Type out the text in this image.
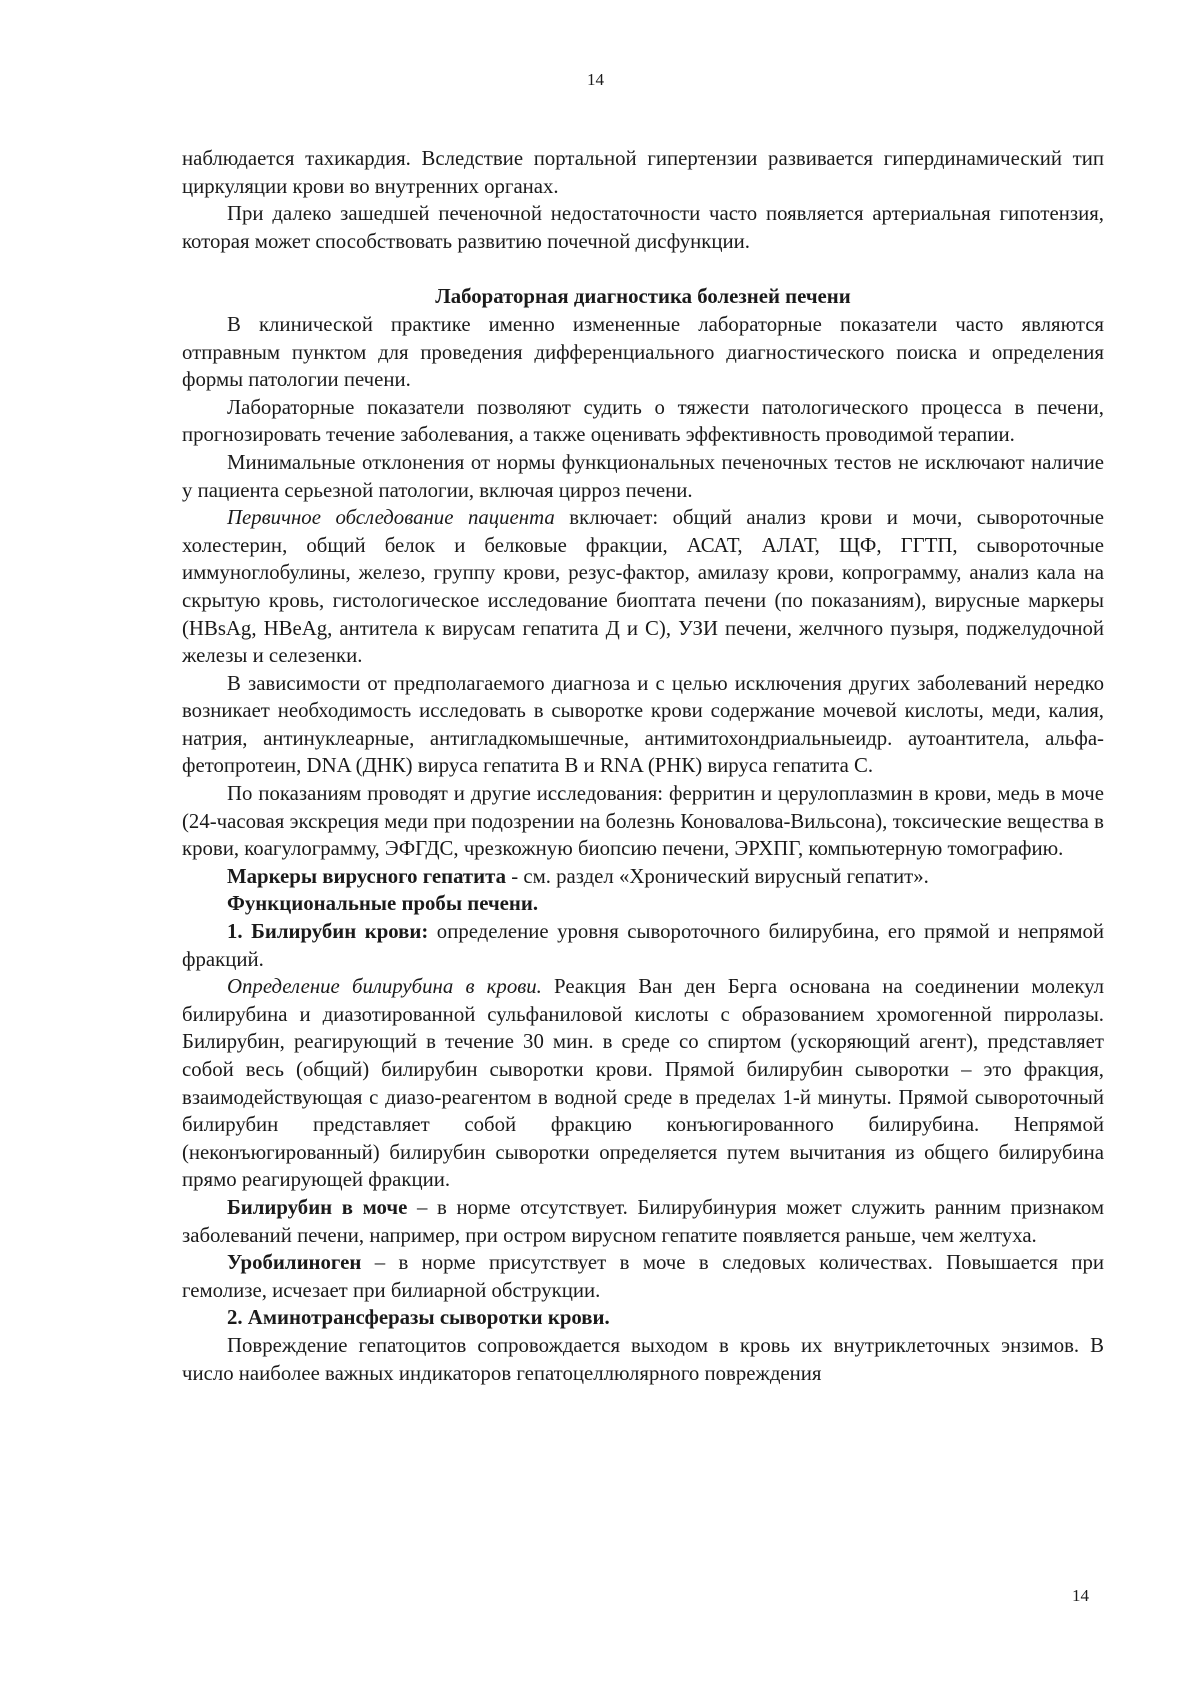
14

наблюдается тахикардия. Вследствие портальной гипертензии развивается гипердинамический тип циркуляции крови во внутренних органах.

При далеко зашедшей печеночной недостаточности часто появляется артериальная гипотензия, которая может способствовать развитию почечной дисфункции.

Лабораторная диагностика болезней печени

В клинической практике именно измененные лабораторные показатели часто являются отправным пунктом для проведения дифференциального диагностического поиска и определения формы патологии печени.

Лабораторные показатели позволяют судить о тяжести патологического процесса в печени, прогнозировать течение заболевания, а также оценивать эффективность проводимой терапии.

Минимальные отклонения от нормы функциональных печеночных тестов не исключают наличие у пациента серьезной патологии, включая цирроз печени.

Первичное обследование пациента включает: общий анализ крови и мочи, сывороточные холестерин, общий белок и белковые фракции, АСАТ, АЛАТ, ЩФ, ГГТП, сывороточные иммуноглобулины, железо, группу крови, резус-фактор, амилазу крови, копрограмму, анализ кала на скрытую кровь, гистологическое исследование биоптата печени (по показаниям), вирусные маркеры (HBsAg, HBeAg, антитела к вирусам гепатита Д и С), УЗИ печени, желчного пузыря, поджелудочной железы и селезенки.

В зависимости от предполагаемого диагноза и с целью исключения других заболеваний нередко возникает необходимость исследовать в сыворотке крови содержание мочевой кислоты, меди, калия, натрия, антинуклеарные, антигладкомышечные, антимитохондриальныеидр. аутоантитела, альфа-фетопротеин, DNA (ДНК) вируса гепатита В и RNA (РНК) вируса гепатита С.

По показаниям проводят и другие исследования: ферритин и церулоплазмин в крови, медь в моче (24-часовая экскреция меди при подозрении на болезнь Коновалова-Вильсона), токсические вещества в крови, коагулограмму, ЭФГДС, чрезкожную биопсию печени, ЭРХПГ, компьютерную томографию.

Маркеры вирусного гепатита - см. раздел «Хронический вирусный гепатит».

Функциональные пробы печени.

1. Билирубин крови: определение уровня сывороточного билирубина, его прямой и непрямой фракций.

Определение билирубина в крови. Реакция Ван ден Берга основана на соединении молекул билирубина и диазотированной сульфаниловой кислоты с образованием хромогенной пирролазы. Билирубин, реагирующий в течение 30 мин. в среде со спиртом (ускоряющий агент), представляет собой весь (общий) билирубин сыворотки крови. Прямой билирубин сыворотки – это фракция, взаимодействующая с диазо-реагентом в водной среде в пределах 1-й минуты. Прямой сывороточный билирубин представляет собой фракцию конъюгированного билирубина. Непрямой (неконъюгированный) билирубин сыворотки определяется путем вычитания из общего билирубина прямо реагирующей фракции.

Билирубин в моче – в норме отсутствует. Билирубинурия может служить ранним признаком заболеваний печени, например, при остром вирусном гепатите появляется раньше, чем желтуха.

Уробилиноген – в норме присутствует в моче в следовых количествах. Повышается при гемолизе, исчезает при билиарной обструкции.

2. Аминотрансферазы сыворотки крови.

Повреждение гепатоцитов сопровождается выходом в кровь их внутриклеточных энзимов. В число наиболее важных индикаторов гепатоцеллюлярного повреждения

14
